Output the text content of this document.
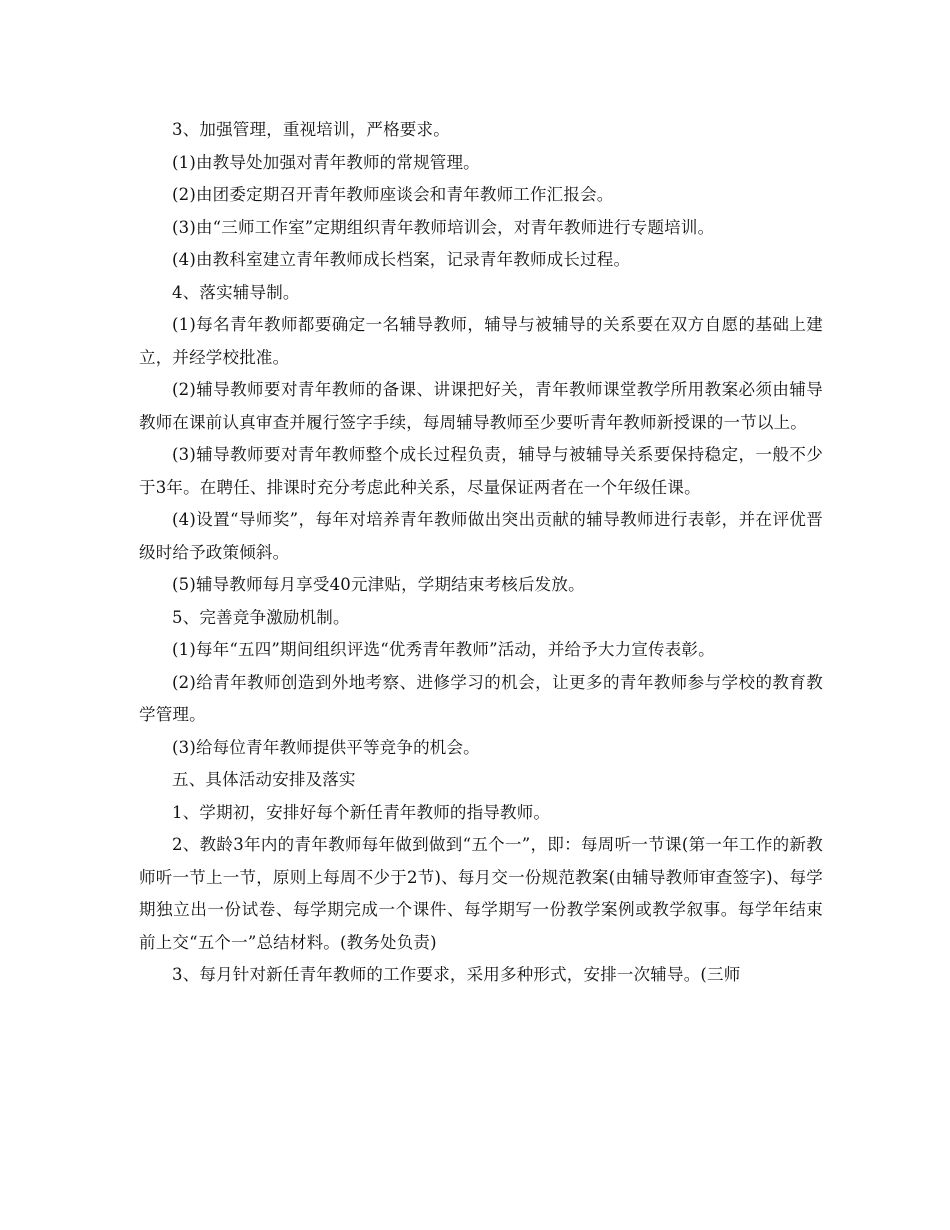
3、加强管理，重视培训，严格要求。

(1)由教导处加强对青年教师的常规管理。

(2)由团委定期召开青年教师座谈会和青年教师工作汇报会。

(3)由“三师工作室”定期组织青年教师培训会，对青年教师进行专题培训。

(4)由教科室建立青年教师成长档案，记录青年教师成长过程。

4、落实辅导制。

(1)每名青年教师都要确定一名辅导教师，辅导与被辅导的关系要在双方自愿的基础上建立，并经学校批准。

(2)辅导教师要对青年教师的备课、讲课把好关，青年教师课堂教学所用教案必须由辅导教师在课前认真审查并履行签字手续，每周辅导教师至少要听青年教师新授课的一节以上。

(3)辅导教师要对青年教师整个成长过程负责，辅导与被辅导关系要保持稳定，一般不少于3年。在聘任、排课时充分考虑此种关系，尽量保证两者在一个年级任课。

(4)设置“导师奖”，每年对培养青年教师做出突出贡献的辅导教师进行表彰，并在评优晋级时给予政策倾斜。

(5)辅导教师每月享受40元津贴，学期结束考核后发放。

5、完善竞争激励机制。

(1)每年“五四”期间组织评选“优秀青年教师”活动，并给予大力宣传表彰。

(2)给青年教师创造到外地考察、进修学习的机会，让更多的青年教师参与学校的教育教学管理。

(3)给每位青年教师提供平等竞争的机会。

五、具体活动安排及落实

1、学期初，安排好每个新任青年教师的指导教师。

2、教龄3年内的青年教师每年做到做到“五个一”，即：每周听一节课(第一年工作的新教师听一节上一节，原则上每周不少于2节)、每月交一份规范教案(由辅导教师审查签字)、每学期独立出一份试卷、每学期完成一个课件、每学期写一份教学案例或教学叙事。每学年结束前上交“五个一”总结材料。(教务处负责)

3、每月针对新任青年教师的工作要求，采用多种形式，安排一次辅导。(三师
